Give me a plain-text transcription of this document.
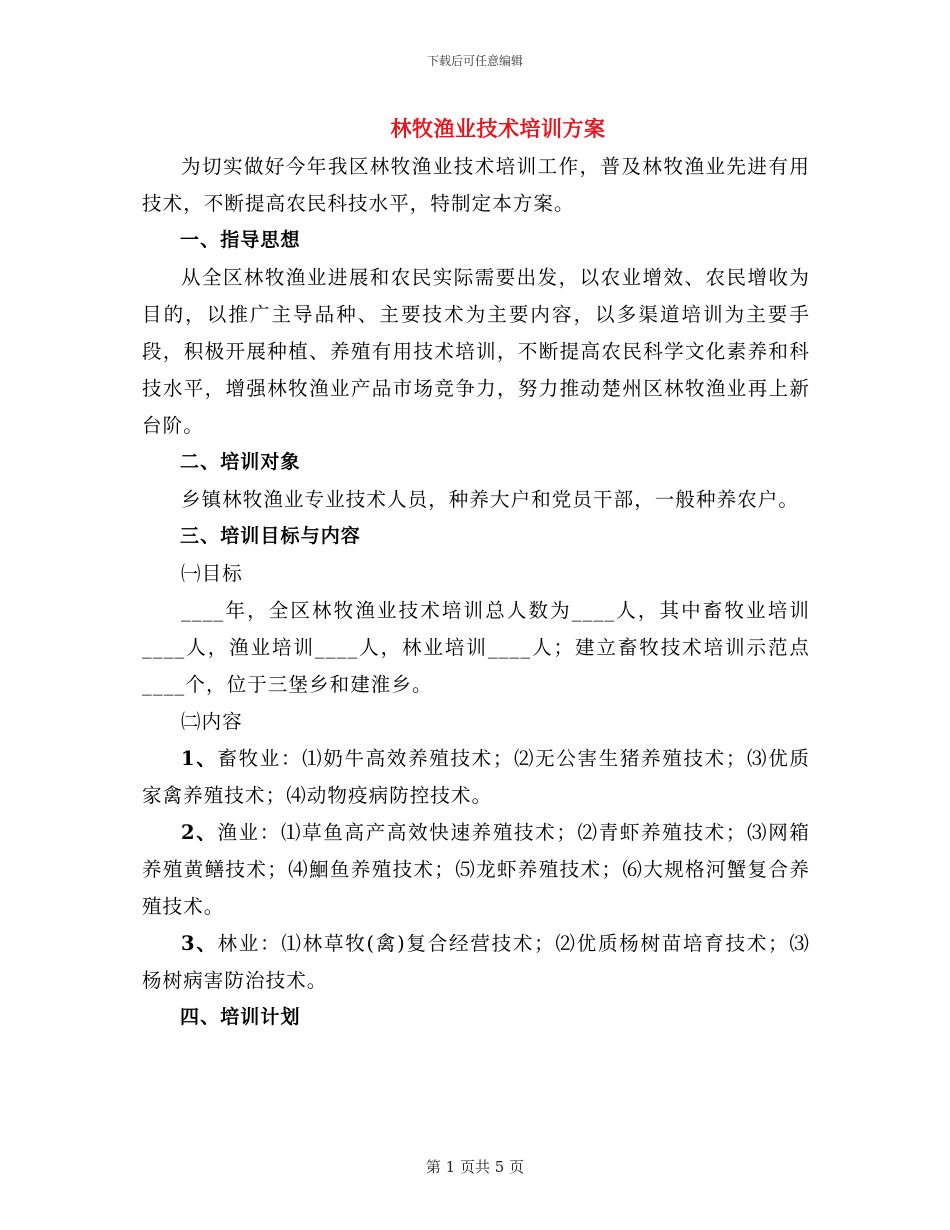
下载后可任意编辑
林牧渔业技术培训方案

为切实做好今年我区林牧渔业技术培训工作，普及林牧渔业先进有用技术，不断提高农民科技水平，特制定本方案。

一、指导思想

从全区林牧渔业进展和农民实际需要出发，以农业增效、农民增收为目的，以推广主导品种、主要技术为主要内容，以多渠道培训为主要手段，积极开展种植、养殖有用技术培训，不断提高农民科学文化素养和科技水平，增强林牧渔业产品市场竞争力，努力推动楚州区林牧渔业再上新台阶。

二、培训对象

乡镇林牧渔业专业技术人员，种养大户和党员干部，一般种养农户。

三、培训目标与内容

㈠目标

____年，全区林牧渔业技术培训总人数为____人，其中畜牧业培训____人，渔业培训____人，林业培训____人；建立畜牧技术培训示范点____个，位于三堡乡和建淮乡。

㈡内容

1、畜牧业：⑴奶牛高效养殖技术；⑵无公害生猪养殖技术；⑶优质家禽养殖技术；⑷动物疫病防控技术。

2、渔业：⑴草鱼高产高效快速养殖技术；⑵青虾养殖技术；⑶网箱养殖黄鳝技术；⑷鮰鱼养殖技术；⑸龙虾养殖技术；⑹大规格河蟹复合养殖技术。

3、林业：⑴林草牧(禽)复合经营技术；⑵优质杨树苗培育技术；⑶杨树病害防治技术。

四、培训计划

第 1 页共 5 页
